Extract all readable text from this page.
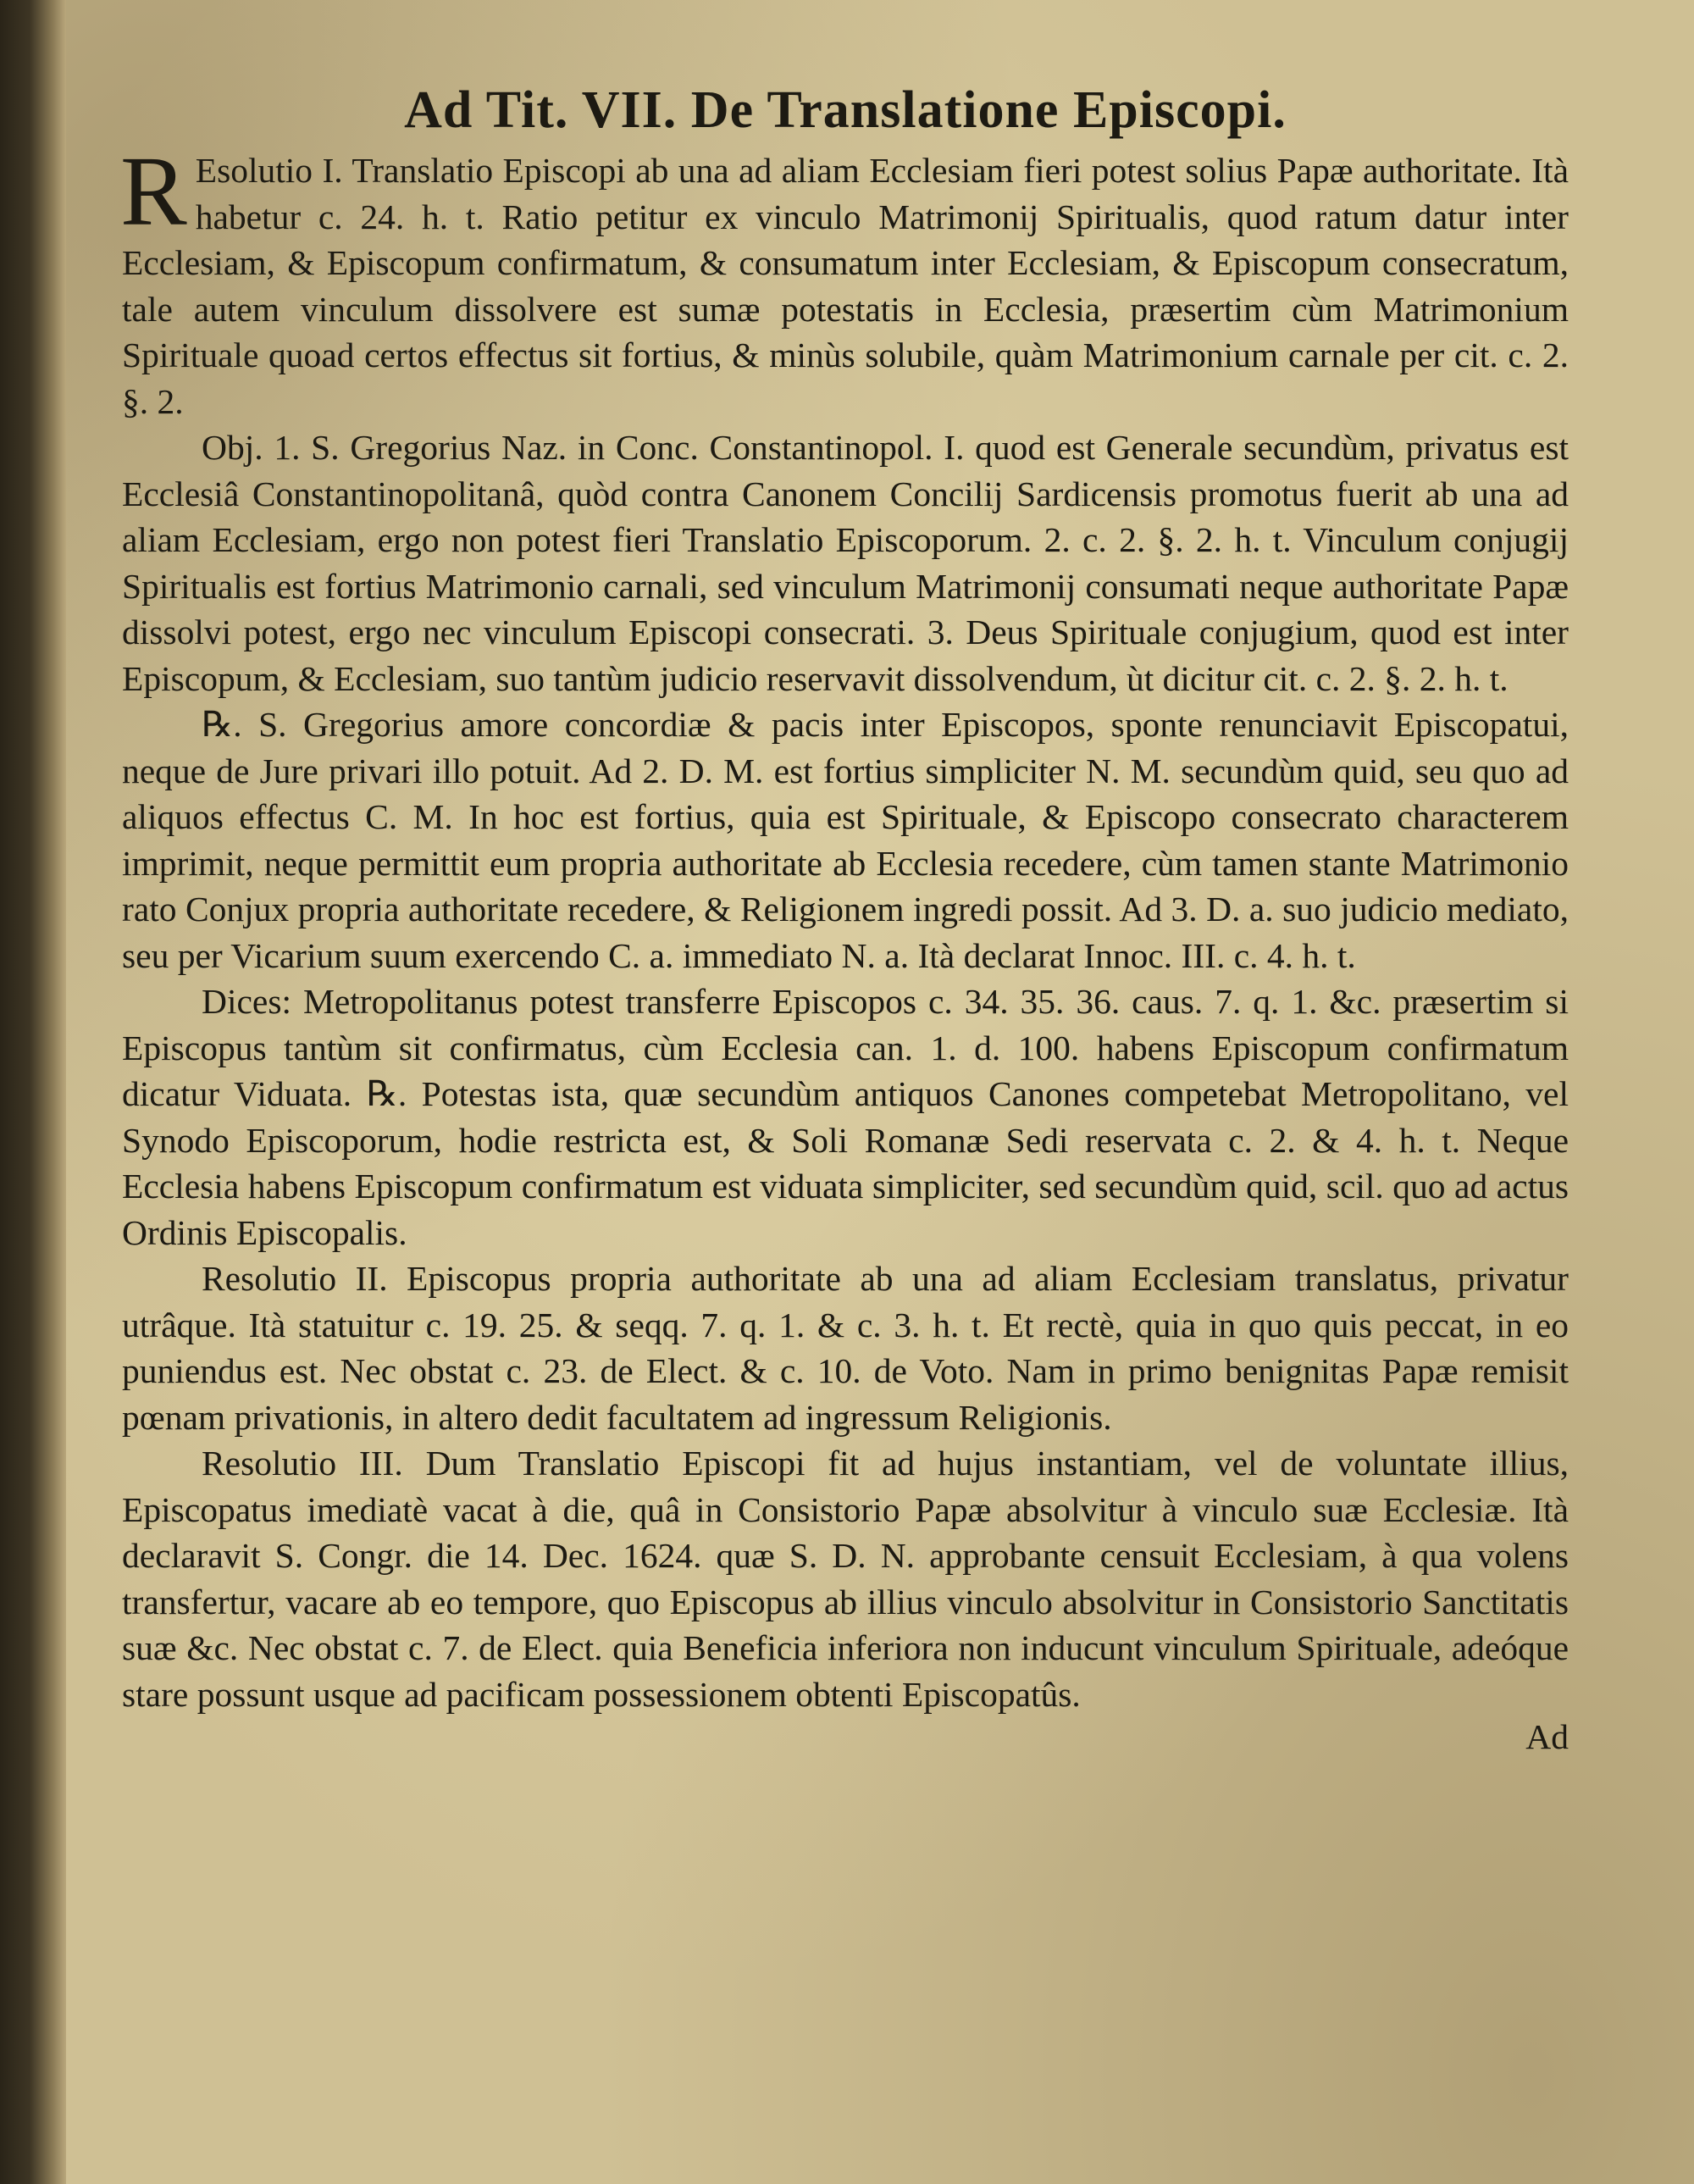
Ad Tit. VII. De Translatione Episcopi.

R Esolutio I. Translatio Episcopi ab una ad aliam Ecclesiam fieri potest solius Papæ authoritate. Ità habetur c. 24. h. t. Ratio petitur ex vinculo Matrimonij Spiritualis, quod ratum datur inter Ecclesiam, & Episcopum confirmatum, & consumatum inter Ecclesiam, & Episcopum consecratum, tale autem vinculum dissolvere est sumæ potestatis in Ecclesia, præsertim cùm Matrimonium Spirituale quoad certos effectus sit fortius, & minùs solubile, quàm Matrimonium carnale per cit. c. 2. §. 2.

Obj. 1. S. Gregorius Naz. in Conc. Constantinopol. I. quod est Generale secundùm, privatus est Ecclesiâ Constantinopolitanâ, quòd contra Canonem Concilij Sardicensis promotus fuerit ab una ad aliam Ecclesiam, ergo non potest fieri Translatio Episcoporum. 2. c. 2. §. 2. h. t. Vinculum conjugij Spiritualis est fortius Matrimonio carnali, sed vinculum Matrimonij consumati neque authoritate Papæ dissolvi potest, ergo nec vinculum Episcopi consecrati. 3. Deus Spirituale conjugium, quod est inter Episcopum, & Ecclesiam, suo tantùm judicio reservavit dissolvendum, ùt dicitur cit. c. 2. §. 2. h. t.

℞. S. Gregorius amore concordiæ & pacis inter Episcopos, sponte renunciavit Episcopatui, neque de Jure privari illo potuit. Ad 2. D. M. est fortius simpliciter N. M. secundùm quid, seu quo ad aliquos effectus C. M. In hoc est fortius, quia est Spirituale, & Episcopo consecrato characterem imprimit, neque permittit eum propria authoritate ab Ecclesia recedere, cùm tamen stante Matrimonio rato Conjux propria authoritate recedere, & Religionem ingredi possit. Ad 3. D. a. suo judicio mediato, seu per Vicarium suum exercendo C. a. immediato N. a. Ità declarat Innoc. III. c. 4. h. t.

Dices: Metropolitanus potest transferre Episcopos c. 34. 35. 36. caus. 7. q. 1. &c. præsertim si Episcopus tantùm sit confirmatus, cùm Ecclesia can. 1. d. 100. habens Episcopum confirmatum dicatur Viduata. ℞. Potestas ista, quæ secundùm antiquos Canones competebat Metropolitano, vel Synodo Episcoporum, hodie restricta est, & Soli Romanæ Sedi reservata c. 2. & 4. h. t. Neque Ecclesia habens Episcopum confirmatum est viduata simpliciter, sed secundùm quid, scil. quo ad actus Ordinis Episcopalis.

Resolutio II. Episcopus propria authoritate ab una ad aliam Ecclesiam translatus, privatur utrâque. Ità statuitur c. 19. 25. & seqq. 7. q. 1. & c. 3. h. t. Et rectè, quia in quo quis peccat, in eo puniendus est. Nec obstat c. 23. de Elect. & c. 10. de Voto. Nam in primo benignitas Papæ remisit pœnam privationis, in altero dedit facultatem ad ingressum Religionis.

Resolutio III. Dum Translatio Episcopi fit ad hujus instantiam, vel de voluntate illius, Episcopatus imediatè vacat à die, quâ in Consistorio Papæ absolvitur à vinculo suæ Ecclesiæ. Ità declaravit S. Congr. die 14. Dec. 1624. quæ S. D. N. approbante censuit Ecclesiam, à qua volens transfertur, vacare ab eo tempore, quo Episcopus ab illius vinculo absolvitur in Consistorio Sanctitatis suæ &c. Nec obstat c. 7. de Elect. quia Beneficia inferiora non inducunt vinculum Spirituale, adeóque stare possunt usque ad pacificam possessionem obtenti Episcopatûs.

Ad
